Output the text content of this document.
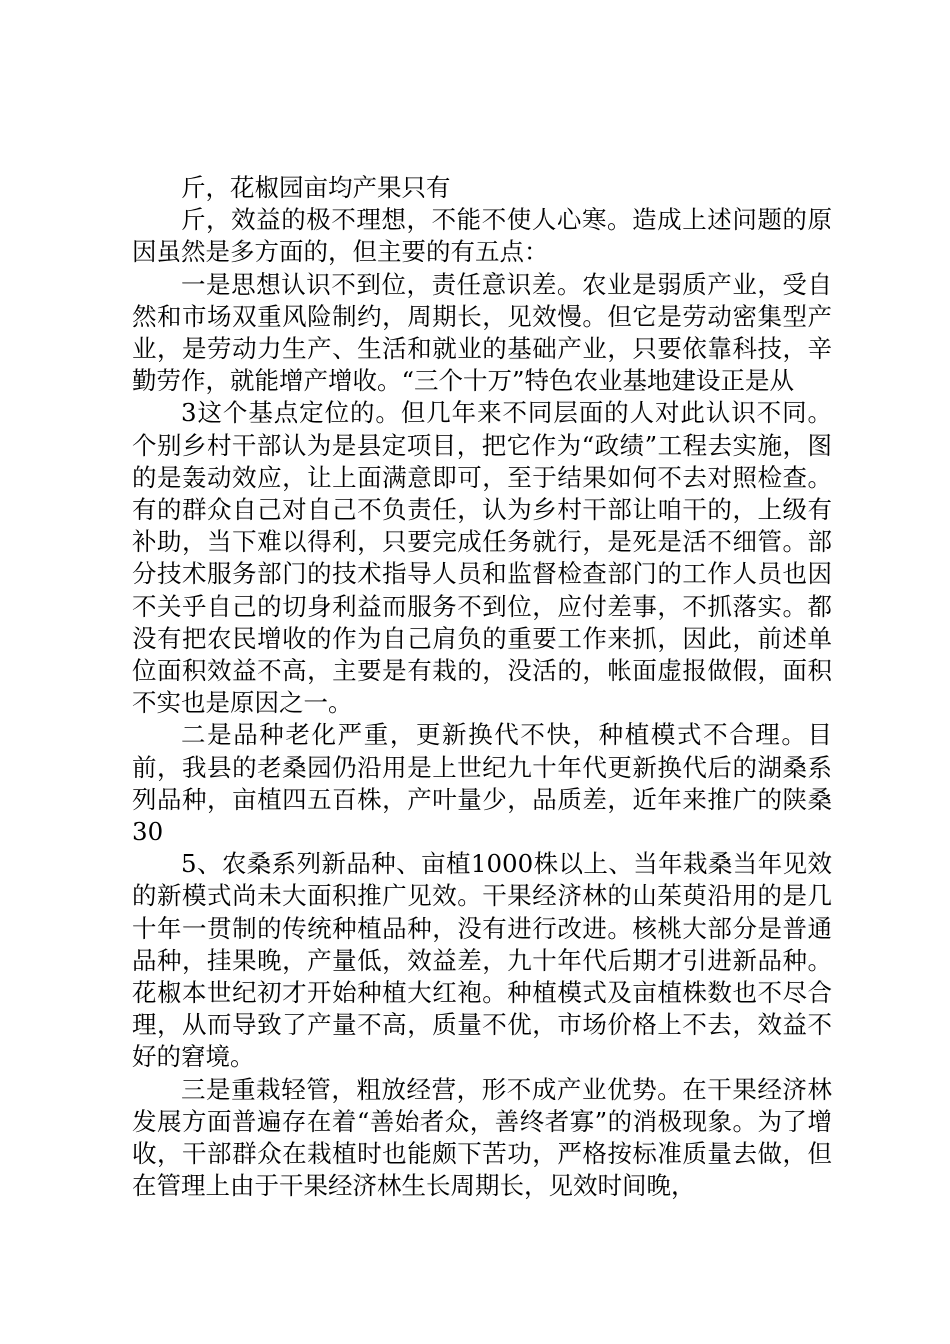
斤，花椒园亩均产果只有

斤，效益的极不理想，不能不使人心寒。造成上述问题的原因虽然是多方面的，但主要的有五点：

一是思想认识不到位，责任意识差。农业是弱质产业，受自然和市场双重风险制约，周期长，见效慢。但它是劳动密集型产业，是劳动力生产、生活和就业的基础产业，只要依靠科技，辛勤劳作，就能增产增收。“三个十万”特色农业基地建设正是从

3这个基点定位的。但几年来不同层面的人对此认识不同。个别乡村干部认为是县定项目，把它作为“政绩”工程去实施，图的是轰动效应，让上面满意即可，至于结果如何不去对照检查。有的群众自己对自己不负责任，认为乡村干部让咱干的，上级有补助，当下难以得利，只要完成任务就行，是死是活不细管。部分技术服务部门的技术指导人员和监督检查部门的工作人员也因不关乎自己的切身利益而服务不到位，应付差事，不抓落实。都没有把农民增收的作为自己肩负的重要工作来抓，因此，前述单位面积效益不高，主要是有栽的，没活的，帐面虚报做假，面积不实也是原因之一。

二是品种老化严重，更新换代不快，种植模式不合理。目前，我县的老桑园仍沿用是上世纪九十年代更新换代后的湖桑系列品种，亩植四五百株，产叶量少，品质差，近年来推广的陕桑30

5、农桑系列新品种、亩植1000株以上、当年栽桑当年见效的新模式尚未大面积推广见效。干果经济林的山茱萸沿用的是几十年一贯制的传统种植品种，没有进行改进。核桃大部分是普通品种，挂果晚，产量低，效益差，九十年代后期才引进新品种。花椒本世纪初才开始种植大红袍。种植模式及亩植株数也不尽合理，从而导致了产量不高，质量不优，市场价格上不去，效益不好的窘境。

三是重栽轻管，粗放经营，形不成产业优势。在干果经济林发展方面普遍存在着“善始者众，善终者寡”的消极现象。为了增收，干部群众在栽植时也能颇下苦功，严格按标准质量去做，但在管理上由于干果经济林生长周期长，见效时间晚，
